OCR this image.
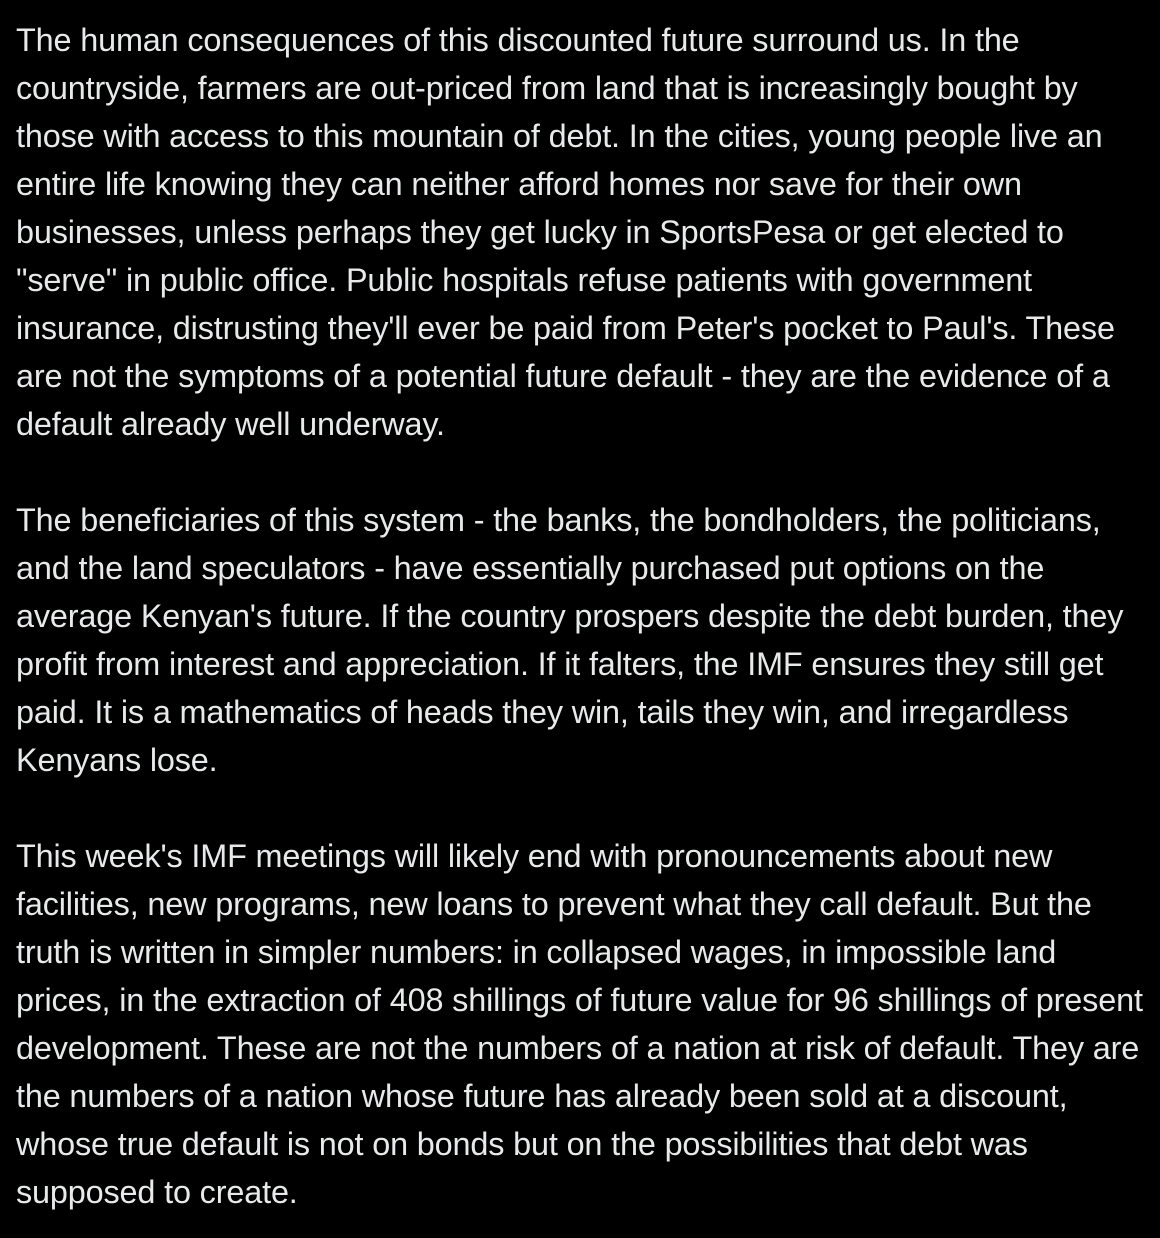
The human consequences of this discounted future surround us. In the countryside, farmers are out-priced from land that is increasingly bought by those with access to this mountain of debt. In the cities, young people live an entire life knowing they can neither afford homes nor save for their own businesses, unless perhaps they get lucky in SportsPesa or get elected to "serve" in public office. Public hospitals refuse patients with government insurance, distrusting they'll ever be paid from Peter's pocket to Paul's. These are not the symptoms of a potential future default - they are the evidence of a default already well underway.

The beneficiaries of this system - the banks, the bondholders, the politicians, and the land speculators - have essentially purchased put options on the average Kenyan's future. If the country prospers despite the debt burden, they profit from interest and appreciation. If it falters, the IMF ensures they still get paid. It is a mathematics of heads they win, tails they win, and irregardless Kenyans lose.

This week's IMF meetings will likely end with pronouncements about new facilities, new programs, new loans to prevent what they call default. But the truth is written in simpler numbers: in collapsed wages, in impossible land prices, in the extraction of 408 shillings of future value for 96 shillings of present development. These are not the numbers of a nation at risk of default. They are the numbers of a nation whose future has already been sold at a discount, whose true default is not on bonds but on the possibilities that debt was supposed to create.
